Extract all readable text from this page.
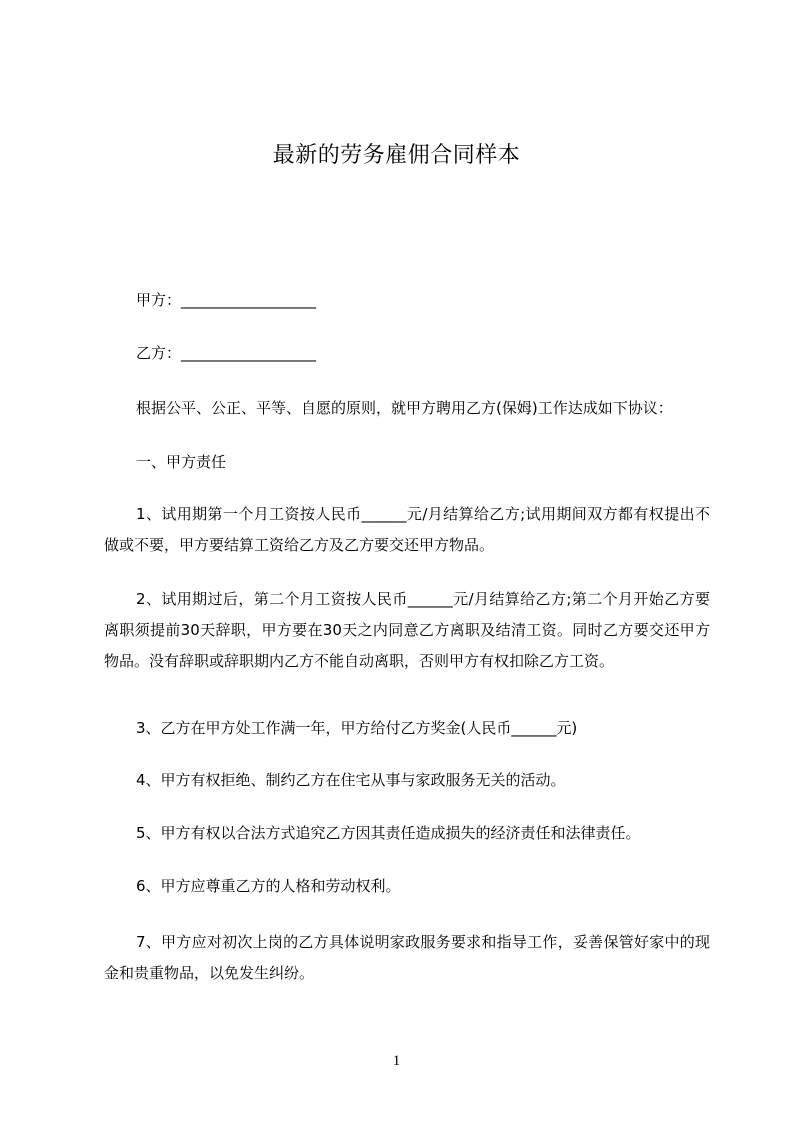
最新的劳务雇佣合同样本
甲方：__________________
乙方：__________________
根据公平、公正、平等、自愿的原则，就甲方聘用乙方(保姆)工作达成如下协议：
一、甲方责任
1、试用期第一个月工资按人民币______元/月结算给乙方;试用期间双方都有权提出不做或不要，甲方要结算工资给乙方及乙方要交还甲方物品。
2、试用期过后，第二个月工资按人民币______元/月结算给乙方;第二个月开始乙方要离职须提前30天辞职，甲方要在30天之内同意乙方离职及结清工资。同时乙方要交还甲方物品。没有辞职或辞职期内乙方不能自动离职，否则甲方有权扣除乙方工资。
3、乙方在甲方处工作满一年，甲方给付乙方奖金(人民币______元)
4、甲方有权拒绝、制约乙方在住宅从事与家政服务无关的活动。
5、甲方有权以合法方式追究乙方因其责任造成损失的经济责任和法律责任。
6、甲方应尊重乙方的人格和劳动权利。
7、甲方应对初次上岗的乙方具体说明家政服务要求和指导工作，妥善保管好家中的现金和贵重物品，以免发生纠纷。
1
